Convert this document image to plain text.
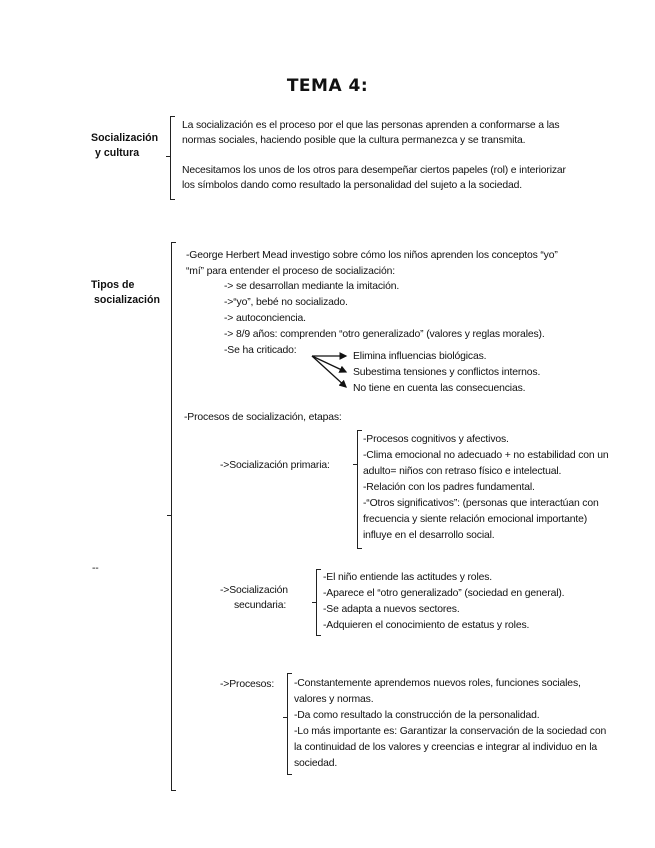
TEMA 4:
Socialización
y cultura
La socialización es el proceso por el que las personas aprenden a conformarse a las
normas sociales, haciendo posible que la cultura permanezca y se transmita.
Necesitamos los unos de los otros para desempeñar ciertos papeles (rol) e interiorizar
los símbolos dando como resultado la personalidad del sujeto a la sociedad.
Tipos de
socialización
--
-George Herbert Mead investigo sobre cómo los niños aprenden los conceptos “yo”
“mí” para entender el proceso de socialización:
-> se desarrollan mediante la imitación.
->“yo”, bebé no socializado.
-> autoconciencia.
-> 8/9 años: comprenden “otro generalizado” (valores y reglas morales).
-Se ha criticado:
Elimina influencias biológicas.
Subestima tensiones y conflictos internos.
No tiene en cuenta las consecuencias.
-Procesos de socialización, etapas:
->Socialización primaria:
-Procesos cognitivos y afectivos.
-Clima emocional no adecuado + no estabilidad con un
adulto= niños con retraso físico e intelectual.
-Relación con los padres fundamental.
-“Otros significativos”: (personas que interactúan con
frecuencia y siente relación emocional importante)
influye en el desarrollo social.
->Socialización
secundaria:
-El niño entiende las actitudes y roles.
-Aparece el “otro generalizado” (sociedad en general).
-Se adapta a nuevos sectores.
-Adquieren el conocimiento de estatus y roles.
->Procesos: -Constantemente aprendemos nuevos roles, funciones sociales,
valores y normas.
-Da como resultado la construcción de la personalidad.
-Lo más importante es: Garantizar la conservación de la sociedad con
la continuidad de los valores y creencias e integrar al individuo en la
sociedad.
